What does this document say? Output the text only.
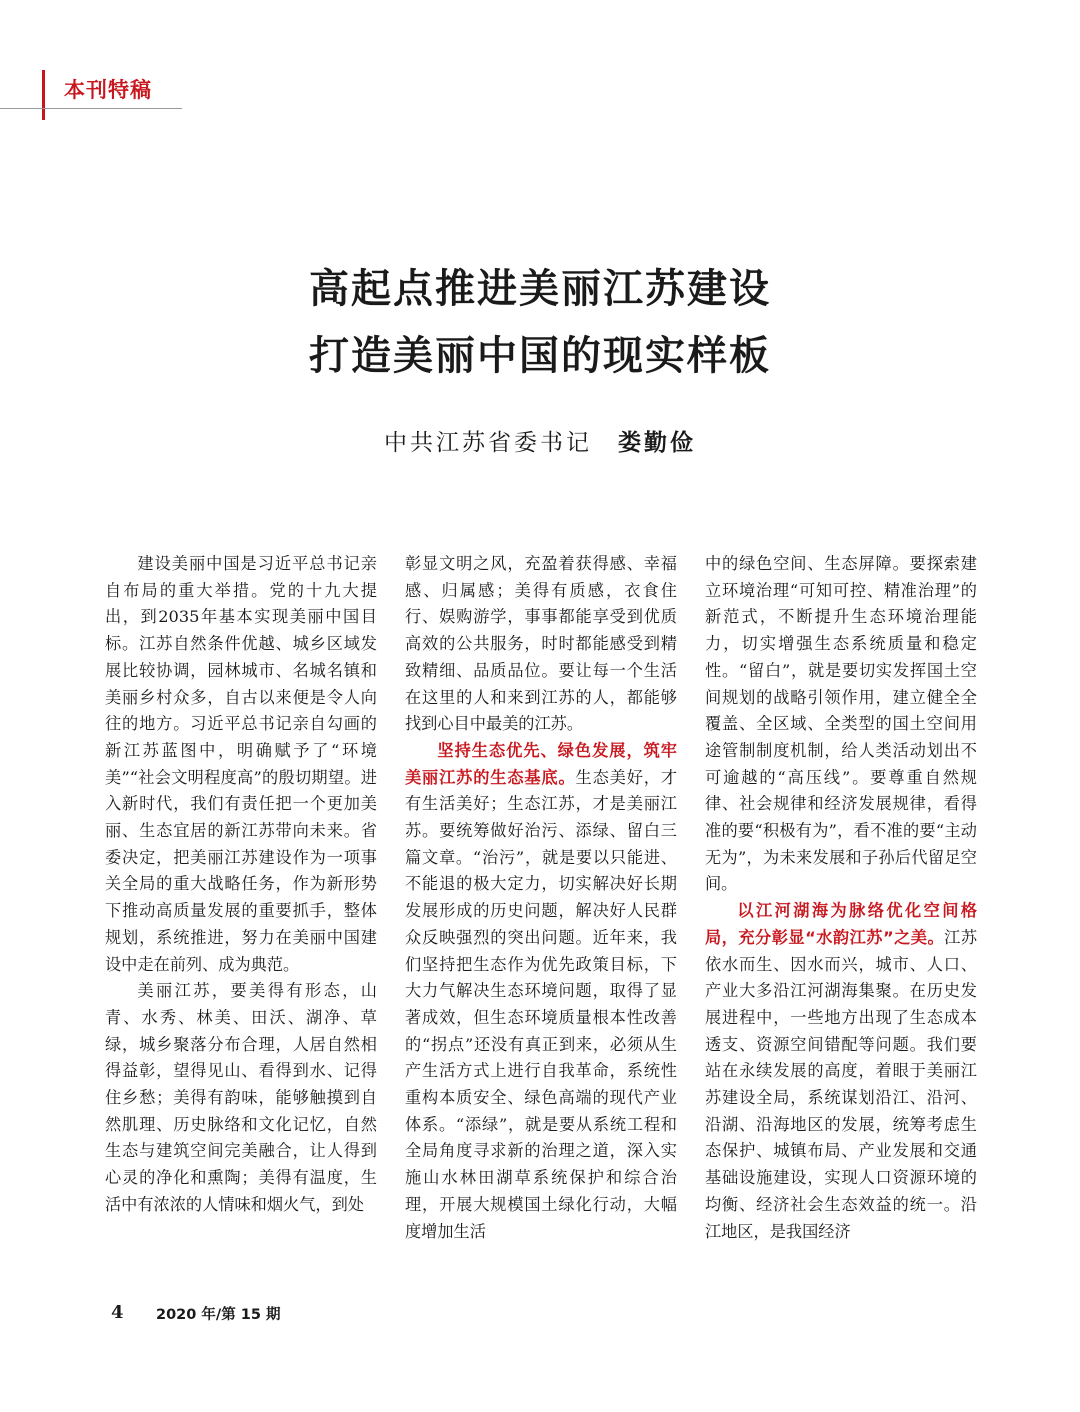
本刊特稿
高起点推进美丽江苏建设
打造美丽中国的现实样板
中共江苏省委书记 娄勤俭

建设美丽中国是习近平总书记亲自布局的重大举措。党的十九大提出，到2035年基本实现美丽中国目标。江苏自然条件优越、城乡区域发展比较协调，园林城市、名城名镇和美丽乡村众多，自古以来便是令人向往的地方。习近平总书记亲自勾画的新江苏蓝图中，明确赋予了“环境美”“社会文明程度高”的殷切期望。进入新时代，我们有责任把一个更加美丽、生态宜居的新江苏带向未来。省委决定，把美丽江苏建设作为一项事关全局的重大战略任务，作为新形势下推动高质量发展的重要抓手，整体规划，系统推进，努力在美丽中国建设中走在前列、成为典范。

美丽江苏，要美得有形态，山青、水秀、林美、田沃、湖净、草绿，城乡聚落分布合理，人居自然相得益彰，望得见山、看得到水、记得住乡愁；美得有韵味，能够触摸到自然肌理、历史脉络和文化记忆，自然生态与建筑空间完美融合，让人得到心灵的净化和熏陶；美得有温度，生活中有浓浓的人情味和烟火气，到处

彰显文明之风，充盈着获得感、幸福感、归属感；美得有质感，衣食住行、娱购游学，事事都能享受到优质高效的公共服务，时时都能感受到精致精细、品质品位。要让每一个生活在这里的人和来到江苏的人，都能够找到心目中最美的江苏。

坚持生态优先、绿色发展，筑牢美丽江苏的生态基底。生态美好，才有生活美好；生态江苏，才是美丽江苏。要统筹做好治污、添绿、留白三篇文章。“治污”，就是要以只能进、不能退的极大定力，切实解决好长期发展形成的历史问题，解决好人民群众反映强烈的突出问题。近年来，我们坚持把生态作为优先政策目标，下大力气解决生态环境问题，取得了显著成效，但生态环境质量根本性改善的“拐点”还没有真正到来，必须从生产生活方式上进行自我革命，系统性重构本质安全、绿色高端的现代产业体系。“添绿”，就是要从系统工程和全局角度寻求新的治理之道，深入实施山水林田湖草系统保护和综合治理，开展大规模国土绿化行动，大幅度增加生活

中的绿色空间、生态屏障。要探索建立环境治理“可知可控、精准治理”的新范式，不断提升生态环境治理能力，切实增强生态系统质量和稳定性。“留白”，就是要切实发挥国土空间规划的战略引领作用，建立健全全覆盖、全区域、全类型的国土空间用途管制制度机制，给人类活动划出不可逾越的“高压线”。要尊重自然规律、社会规律和经济发展规律，看得准的要“积极有为”，看不准的要“主动无为”，为未来发展和子孙后代留足空间。

以江河湖海为脉络优化空间格局，充分彰显“水韵江苏”之美。江苏依水而生、因水而兴，城市、人口、产业大多沿江河湖海集聚。在历史发展进程中，一些地方出现了生态成本透支、资源空间错配等问题。我们要站在永续发展的高度，着眼于美丽江苏建设全局，系统谋划沿江、沿河、沿湖、沿海地区的发展，统筹考虑生态保护、城镇布局、产业发展和交通基础设施建设，实现人口资源环境的均衡、经济社会生态效益的统一。沿江地区，是我国经济

4 2020 年/第 15 期
